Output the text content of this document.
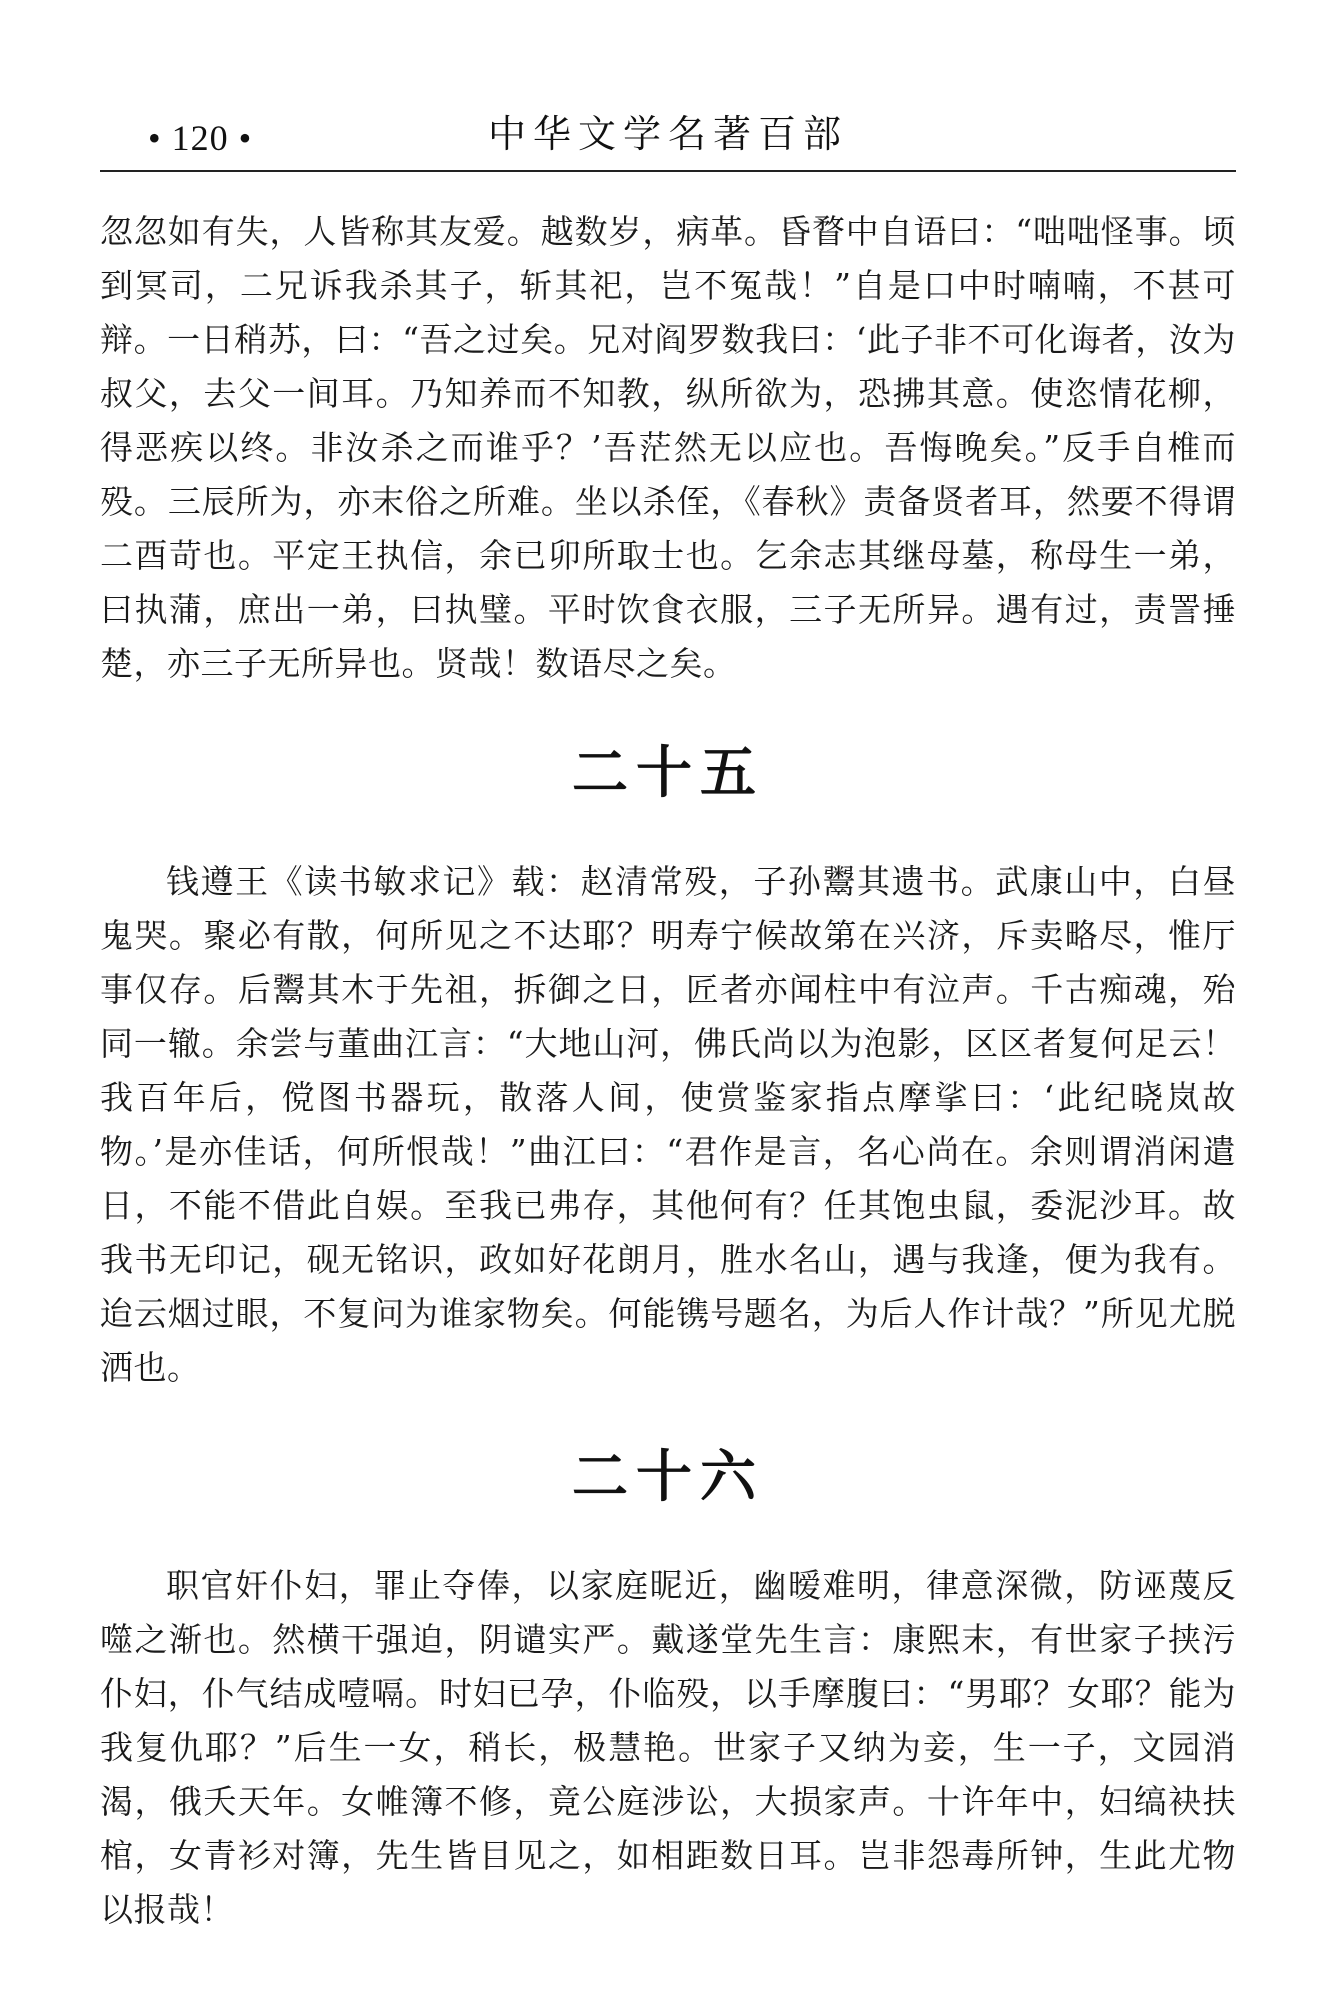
• 120 •	中华文学名著百部

忽忽如有失，人皆称其友爱。越数岁，病革。昏瞀中自语曰：“咄咄怪事。顷到冥司，二兄诉我杀其子，斩其祀，岂不冤哉！”自是口中时喃喃，不甚可辩。一日稍苏，曰：“吾之过矣。兄对阎罗数我曰：‘此子非不可化诲者，汝为叔父，去父一间耳。乃知养而不知教，纵所欲为，恐拂其意。使恣情花柳，得恶疾以终。非汝杀之而谁乎？’吾茫然无以应也。吾悔晚矣。”反手自椎而殁。三辰所为，亦末俗之所难。坐以杀侄，《春秋》责备贤者耳，然要不得谓二酉苛也。平定王执信，余已卯所取士也。乞余志其继母墓，称母生一弟，曰执蒲，庶出一弟，曰执璧。平时饮食衣服，三子无所异。遇有过，责詈捶楚，亦三子无所异也。贤哉！数语尽之矣。

二十五

钱遵王《读书敏求记》载：赵清常殁，子孙鬻其遗书。武康山中，白昼鬼哭。聚必有散，何所见之不达耶？明寿宁候故第在兴济，斥卖略尽，惟厅事仅存。后鬻其木于先祖，拆御之日，匠者亦闻柱中有泣声。千古痴魂，殆同一辙。余尝与董曲江言：“大地山河，佛氏尚以为泡影，区区者复何足云！我百年后，傥图书器玩，散落人间，使赏鉴家指点摩挲曰：‘此纪晓岚故物。’是亦佳话，何所恨哉！”曲江曰：“君作是言，名心尚在。余则谓消闲遣日，不能不借此自娱。至我已弗存，其他何有？任其饱虫鼠，委泥沙耳。故我书无印记，砚无铭识，政如好花朗月，胜水名山，遇与我逢，便为我有。迨云烟过眼，不复问为谁家物矣。何能镌号题名，为后人作计哉？”所见尤脱洒也。

二十六

职官奸仆妇，罪止夺俸，以家庭昵近，幽暧难明，律意深微，防诬蔑反噬之渐也。然横干强迫，阴谴实严。戴遂堂先生言：康熙末，有世家子挟污仆妇，仆气结成噎嗝。时妇已孕，仆临殁，以手摩腹曰：“男耶？女耶？能为我复仇耶？”后生一女，稍长，极慧艳。世家子又纳为妾，生一子，文园消渴，俄夭天年。女帷簿不修，竟公庭涉讼，大损家声。十许年中，妇缟袂扶棺，女青衫对簿，先生皆目见之，如相距数日耳。岂非怨毒所钟，生此尤物以报哉！
